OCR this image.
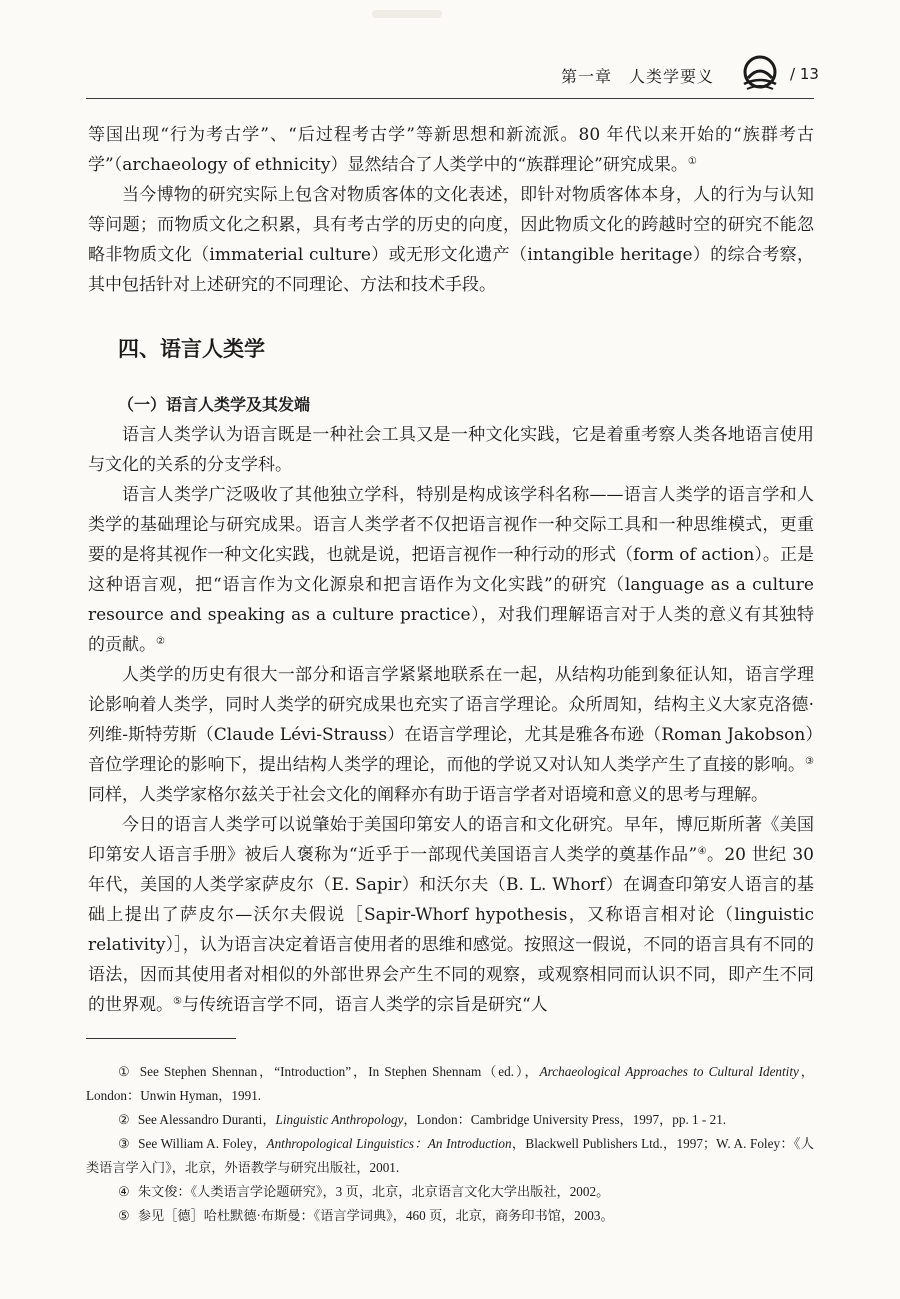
第一章　人类学要义	/ 13

等国出现“行为考古学”、“后过程考古学”等新思想和新流派。80 年代以来开始的“族群考古学”（archaeology of ethnicity）显然结合了人类学中的“族群理论”研究成果。①

当今博物的研究实际上包含对物质客体的文化表述，即针对物质客体本身，人的行为与认知等问题；而物质文化之积累，具有考古学的历史的向度，因此物质文化的跨越时空的研究不能忽略非物质文化（immaterial culture）或无形文化遗产（intangible heritage）的综合考察，其中包括针对上述研究的不同理论、方法和技术手段。

四、语言人类学
（一）语言人类学及其发端

语言人类学认为语言既是一种社会工具又是一种文化实践，它是着重考察人类各地语言使用与文化的关系的分支学科。

语言人类学广泛吸收了其他独立学科，特别是构成该学科名称——语言人类学的语言学和人类学的基础理论与研究成果。语言人类学者不仅把语言视作一种交际工具和一种思维模式，更重要的是将其视作一种文化实践，也就是说，把语言视作一种行动的形式（form of action）。正是这种语言观，把“语言作为文化源泉和把言语作为文化实践”的研究（language as a culture resource and speaking as a culture practice），对我们理解语言对于人类的意义有其独特的贡献。②

人类学的历史有很大一部分和语言学紧紧地联系在一起，从结构功能到象征认知，语言学理论影响着人类学，同时人类学的研究成果也充实了语言学理论。众所周知，结构主义大家克洛德·列维-斯特劳斯（Claude Lévi-Strauss）在语言学理论，尤其是雅各布逊（Roman Jakobson）音位学理论的影响下，提出结构人类学的理论，而他的学说又对认知人类学产生了直接的影响。③同样，人类学家格尔兹关于社会文化的阐释亦有助于语言学者对语境和意义的思考与理解。

今日的语言人类学可以说肇始于美国印第安人的语言和文化研究。早年，博厄斯所著《美国印第安人语言手册》被后人褒称为“近乎于一部现代美国语言人类学的奠基作品”④。20 世纪 30 年代，美国的人类学家萨皮尔（E. Sapir）和沃尔夫（B. L. Whorf）在调查印第安人语言的基础上提出了萨皮尔—沃尔夫假说［Sapir-Whorf hypothesis，又称语言相对论（linguistic relativity）］，认为语言决定着语言使用者的思维和感觉。按照这一假说，不同的语言具有不同的语法，因而其使用者对相似的外部世界会产生不同的观察，或观察相同而认识不同，即产生不同的世界观。⑤与传统语言学不同，语言人类学的宗旨是研究“人

① See Stephen Shennan，“Introduction”，In Stephen Shennam（ed.），Archaeological Approaches to Cultural Identity，London：Unwin Hyman，1991.

② See Alessandro Duranti，Linguistic Anthropology，London：Cambridge University Press，1997，pp. 1 - 21.

③ See William A. Foley，Anthropological Linguistics：An Introduction，Blackwell Publishers Ltd.，1997；W. A. Foley：《人类语言学入门》，北京，外语教学与研究出版社，2001.

④ 朱文俊：《人类语言学论题研究》，3 页，北京，北京语言文化大学出版社，2002。

⑤ 参见［德］哈杜默德·布斯曼：《语言学词典》，460 页，北京，商务印书馆，2003。
